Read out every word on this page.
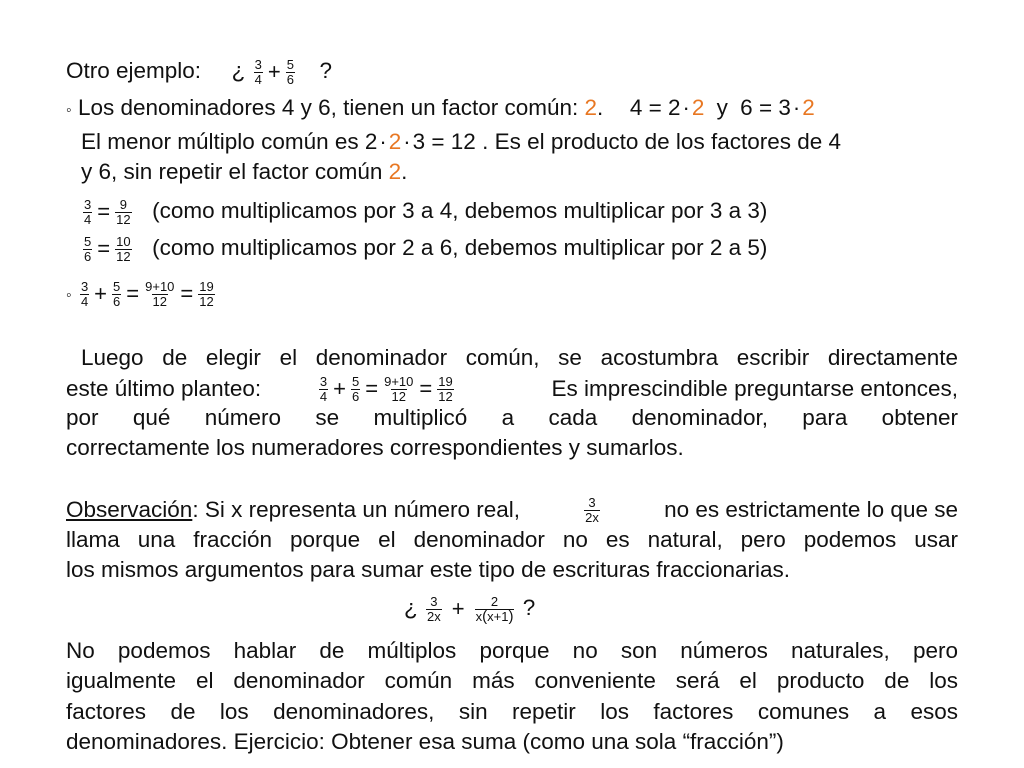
Otro ejemplo: ¿ $\frac{3}{4} + \frac{5}{6}$ ?
◦ Los denominadores 4 y 6, tienen un factor común: 2. 4 = 2·2 y 6 = 3·2
El menor múltiplo común es 2·2·3 = 12 . Es el producto de los factores de 4
y 6, sin repetir el factor común 2.
$\frac{3}{4} = \frac{9}{12}$ (como multiplicamos por 3 a 4, debemos multiplicar por 3 a 3)
$\frac{5}{6} = \frac{10}{12}$ (como multiplicamos por 2 a 6, debemos multiplicar por 2 a 5)
◦ $\frac{3}{4} + \frac{5}{6} = \frac{9+10}{12} = \frac{19}{12}$
Luego de elegir el denominador común, se acostumbra escribir directamente
este último planteo:	$\frac{3}{4} + \frac{5}{6} = \frac{9+10}{12} = \frac{19}{12}$	Es imprescindible preguntarse entonces,
por qué número se multiplicó a cada denominador, para obtener
correctamente los numeradores correspondientes y sumarlos.
Observación: Si x representa un número real,	$\frac{3}{2x}$	no es estrictamente lo que se
llama una fracción porque el denominador no es natural, pero podemos usar
los mismos argumentos para sumar este tipo de escrituras fraccionarias.
¿ $\frac{3}{2x} + \frac{2}{x(x+1)}$ ?
No podemos hablar de múltiplos porque no son números naturales, pero
igualmente el denominador común más conveniente será el producto de los
factores de los denominadores, sin repetir los factores comunes a esos
denominadores. Ejercicio: Obtener esa suma (como una sola “fracción”)
